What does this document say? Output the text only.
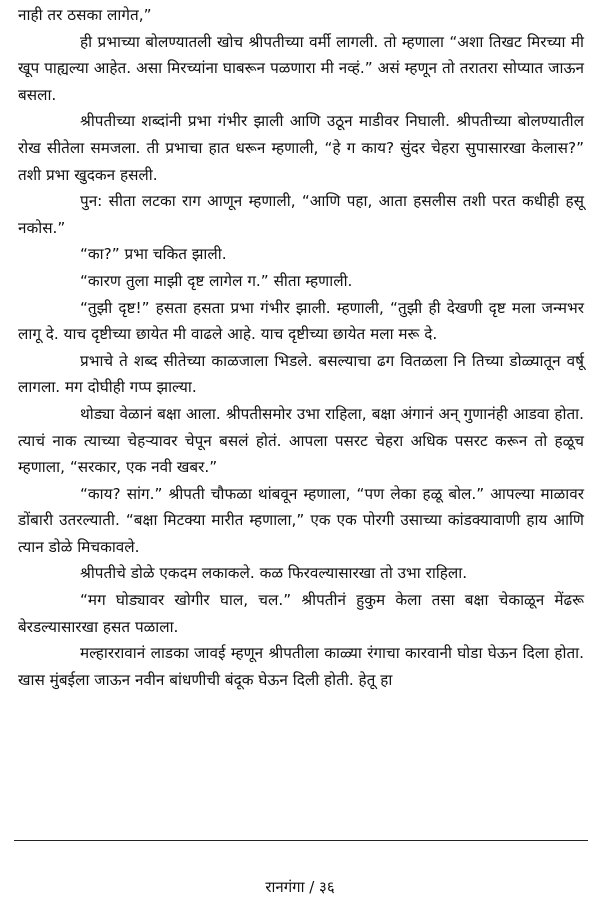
नाही तर ठसका लागेत,”

ही प्रभाच्या बोलण्यातली खोच श्रीपतीच्या वर्मी लागली. तो म्हणाला “अशा तिखट मिरच्या मी खूप पाह्यल्या आहेत. असा मिरच्यांना घाबरून पळणारा मी नव्हं.” असं म्हणून तो तरातरा सोप्यात जाऊन बसला.

श्रीपतीच्या शब्दांनी प्रभा गंभीर झाली आणि उठून माडीवर निघाली. श्रीपतीच्या बोलण्यातील रोख सीतेला समजला. ती प्रभाचा हात धरून म्हणाली, “हे ग काय? सुंदर चेहरा सुपासारखा केलास?” तशी प्रभा खुदकन हसली.

पुन: सीता लटका राग आणून म्हणाली, “आणि पहा, आता हसलीस तशी परत कधीही हसू नकोस.”

“का?” प्रभा चकित झाली.

“कारण तुला माझी दृष्ट लागेल ग.” सीता म्हणाली.

“तुझी दृष्ट!” हसता हसता प्रभा गंभीर झाली. म्हणाली, “तुझी ही देखणी दृष्ट मला जन्मभर लागू दे. याच दृष्टीच्या छायेत मी वाढले आहे. याच दृष्टीच्या छायेत मला मरू दे.

प्रभाचे ते शब्द सीतेच्या काळजाला भिडले. बसल्याचा ढग वितळला नि तिच्या डोळ्यातून वर्षू लागला. मग दोघीही गप्प झाल्या.

थोड्या वेळानं बक्षा आला. श्रीपतीसमोर उभा राहिला, बक्षा अंगानं अन् गुणानंही आडवा होता. त्याचं नाक त्याच्या चेहऱ्यावर चेपून बसलं होतं. आपला पसरट चेहरा अधिक पसरट करून तो हळूच म्हणाला, “सरकार, एक नवी खबर.”

“काय? सांग.” श्रीपती चौफळा थांबवून म्हणाला, “पण लेका हळू बोल.” आपल्या माळावर डोंबारी उतरल्याती. “बक्षा मिटक्या मारीत म्हणाला,” एक एक पोरगी उसाच्या कांडक्यावाणी हाय आणि त्यान डोळे मिचकावले.

श्रीपतीचे डोळे एकदम लकाकले. कळ फिरवल्यासारखा तो उभा राहिला.

“मग घोड्यावर खोगीर घाल, चल.” श्रीपतीनं हुकुम केला तसा बक्षा चेकाळून मेंढरू बेरडल्यासारखा हसत पळाला.

मल्हाररावानं लाडका जावई म्हणून श्रीपतीला काळ्या रंगाचा कारवानी घोडा घेऊन दिला होता. खास मुंबईला जाऊन नवीन बांधणीची बंदूक घेऊन दिली होती. हेतू हा

रानगंगा / ३६
